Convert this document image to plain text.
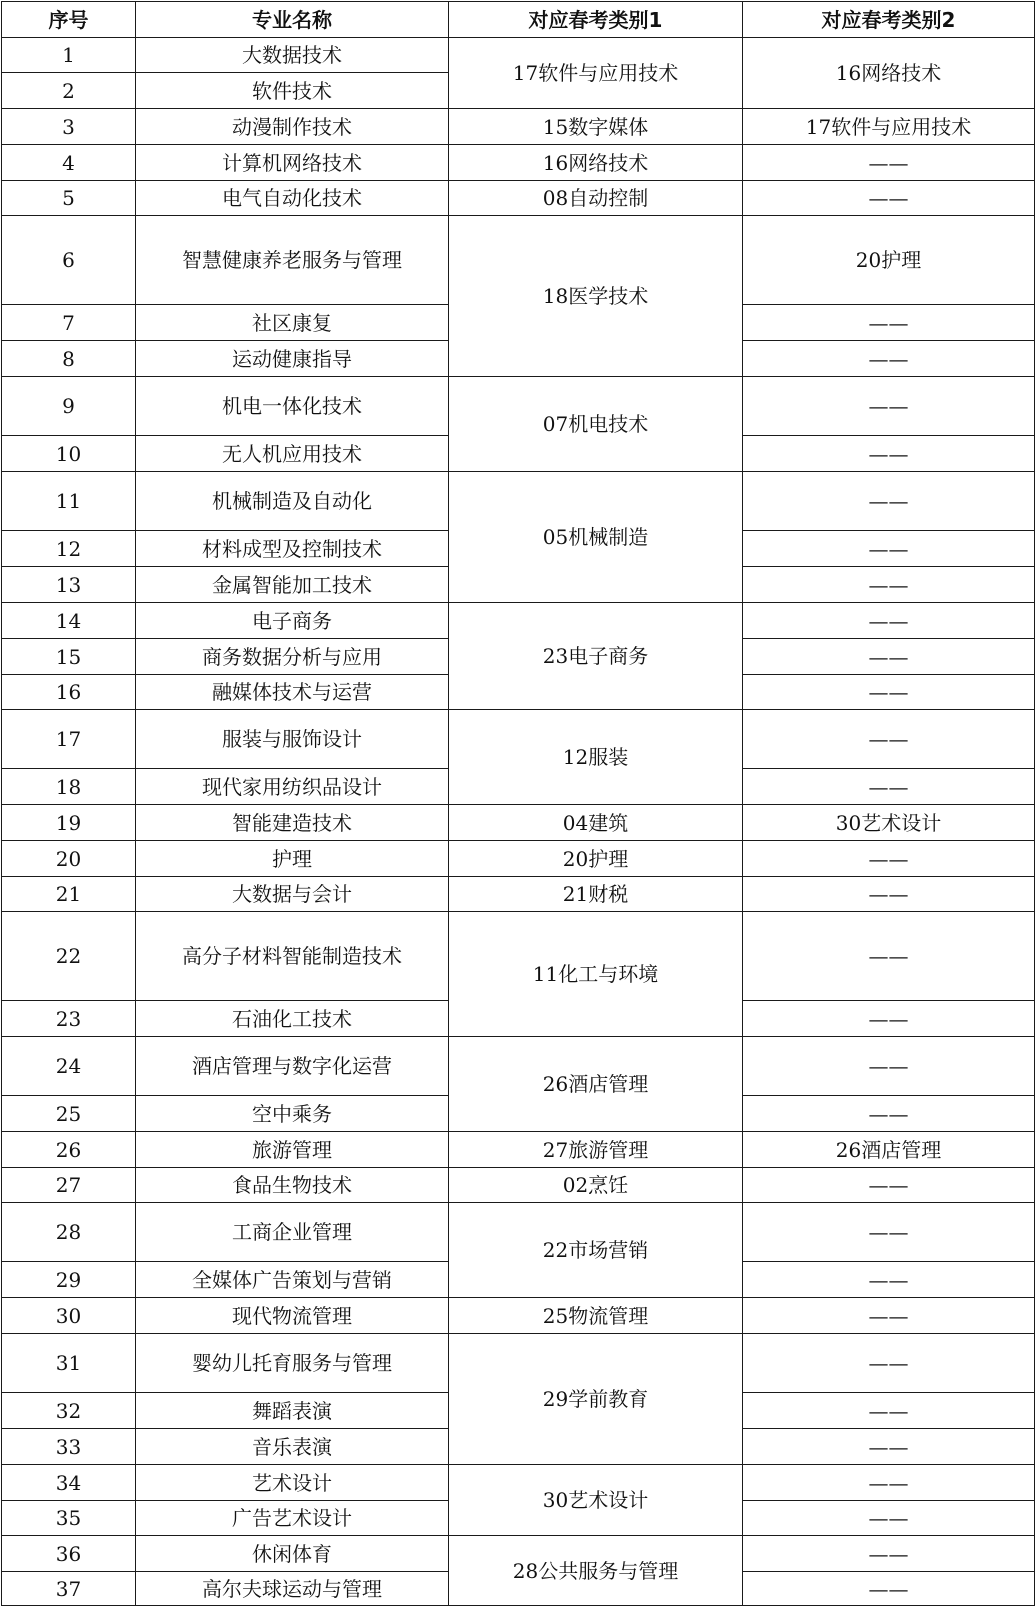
序号	专业名称	对应春考类别1	对应春考类别2
1	大数据技术	17软件与应用技术	16网络技术
2	软件技术		
3	动漫制作技术	15数字媒体	17软件与应用技术
4	计算机网络技术	16网络技术	——
5	电气自动化技术	08自动控制	——
6	智慧健康养老服务与管理	18医学技术	20护理
7	社区康复		——
8	运动健康指导		——
9	机电一体化技术	07机电技术	——
10	无人机应用技术		——
11	机械制造及自动化	05机械制造	——
12	材料成型及控制技术		——
13	金属智能加工技术		——
14	电子商务	23电子商务	——
15	商务数据分析与应用		——
16	融媒体技术与运营		——
17	服装与服饰设计	12服装	——
18	现代家用纺织品设计		——
19	智能建造技术	04建筑	30艺术设计
20	护理	20护理	——
21	大数据与会计	21财税	——
22	高分子材料智能制造技术	11化工与环境	——
23	石油化工技术		——
24	酒店管理与数字化运营	26酒店管理	——
25	空中乘务		——
26	旅游管理	27旅游管理	26酒店管理
27	食品生物技术	02烹饪	——
28	工商企业管理	22市场营销	——
29	全媒体广告策划与营销		——
30	现代物流管理	25物流管理	——
31	婴幼儿托育服务与管理	29学前教育	——
32	舞蹈表演		——
33	音乐表演		——
34	艺术设计	30艺术设计	——
35	广告艺术设计		——
36	休闲体育	28公共服务与管理	——
37	高尔夫球运动与管理		——
